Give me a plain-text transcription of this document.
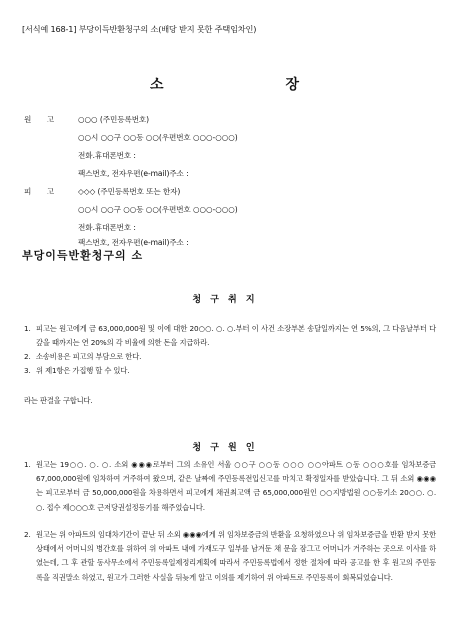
[서식예 168-1] 부당이득반환청구의 소(배당 받지 못한 주택임차인)
소	장
원 고	○○○ (주민등록번호)
○○시 ○○구 ○○동 ○○(우편번호 ○○○-○○○)
전화․휴대폰번호 :
팩스번호, 전자우편(e-mail)주소 :
피 고	◇◇◇ (주민등록번호 또는 한자)
○○시 ○○구 ○○동 ○○(우편번호 ○○○-○○○)
전화․휴대폰번호 :
팩스번호, 전자우편(e-mail)주소 :
부당이득반환청구의 소
청 구 취 지
1. 피고는 원고에게 금 63,000,000원 및 이에 대한 20○○. ○. ○.부터 이 사건 소장부본 송달일까지는 연 5%의, 그 다음날부터 다 갚을 때까지는 연 20%의 각 비율에 의한 돈을 지급하라.
2. 소송비용은 피고의 부담으로 한다.
3. 위 제1항은 가집행 할 수 있다.
라는 판결을 구합니다.
청 구 원 인
1. 원고는 19○○. ○. ○. 소외 ◉◉◉로부터 그의 소유인 서울 ○○구 ○○동 ○○○ ○○아파트 ○동 ○○○호를 임차보증금 67,000,000원에 임차하여 거주하여 왔으며, 같은 날짜에 주민등록전입신고를 마치고 확정일자를 받았습니다. 그 뒤 소외 ◉◉◉는 피고로부터 금 50,000,000원을 차용하면서 피고에게 채권최고액 금 65,000,000원인 ○○지방법원 ○○등기소 20○○. ○. ○. 접수 제○○○호 근저당권설정등기를 해주었습니다.
2. 원고는 위 아파트의 임대차기간이 끝난 뒤 소외 ◉◉◉에게 위 임차보증금의 반환을 요청하였으나 위 임차보증금을 반환 받지 못한 상태에서 어머니의 병간호를 위하여 위 아파트 내에 가재도구 일부를 남겨둔 채 문을 잠그고 어머니가 거주하는 곳으로 이사를 하였는데, 그 후 관할 동사무소에서 주민등록일제정리계획에 따라서 주민등록법에서 정한 절차에 따라 공고를 한 후 원고의 주민등록을 직권말소 하였고, 원고가 그러한 사실을 뒤늦게 알고 이의를 제기하여 위 아파트로 주민등록이 회복되었습니다.
